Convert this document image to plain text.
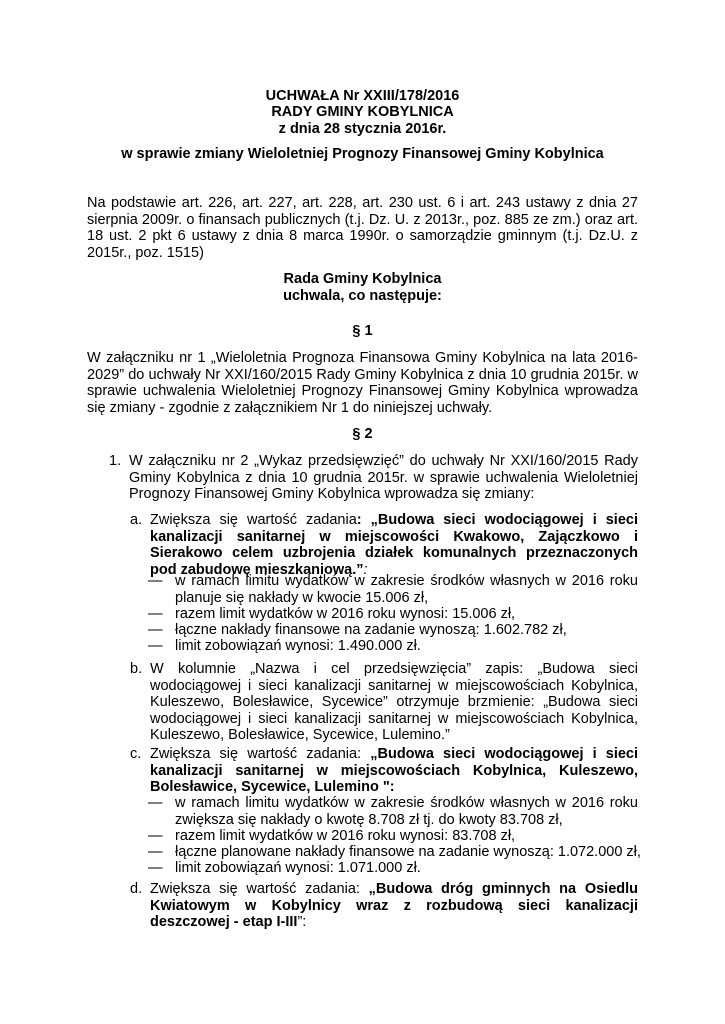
UCHWAŁA Nr XXIII/178/2016
RADY GMINY KOBYLNICA
z dnia 28 stycznia 2016r.
w sprawie zmiany Wieloletniej Prognozy Finansowej Gminy Kobylnica
Na podstawie art. 226, art. 227, art. 228, art. 230 ust. 6 i art. 243 ustawy z dnia 27 sierpnia 2009r. o finansach publicznych (t.j. Dz. U. z 2013r., poz. 885 ze zm.) oraz art. 18 ust. 2 pkt 6 ustawy z dnia 8 marca 1990r. o samorządzie gminnym (t.j. Dz.U. z 2015r., poz. 1515)
Rada Gminy Kobylnica
uchwala, co następuje:
§ 1
W załączniku nr 1 „Wieloletnia Prognoza Finansowa Gminy Kobylnica na lata 2016-2029” do uchwały Nr XXI/160/2015 Rady Gminy Kobylnica z dnia 10 grudnia 2015r. w sprawie uchwalenia Wieloletniej Prognozy Finansowej Gminy Kobylnica wprowadza się zmiany - zgodnie z załącznikiem Nr 1 do niniejszej uchwały.
§ 2
1. W załączniku nr 2 „Wykaz przedsięwzięć” do uchwały Nr XXI/160/2015 Rady Gminy Kobylnica z dnia 10 grudnia 2015r. w sprawie uchwalenia Wieloletniej Prognozy Finansowej Gminy Kobylnica wprowadza się zmiany:
a. Zwiększa się wartość zadania: „Budowa sieci wodociągowej i sieci kanalizacji sanitarnej w miejscowości Kwakowo, Zajączkowo i Sierakowo celem uzbrojenia działek komunalnych przeznaczonych pod zabudowę mieszkaniową.”:
— w ramach limitu wydatków w zakresie środków własnych w 2016 roku planuje się nakłady w kwocie 15.006 zł,
— razem limit wydatków w 2016 roku wynosi: 15.006 zł,
— łączne nakłady finansowe na zadanie wynoszą: 1.602.782 zł,
— limit zobowiązań wynosi: 1.490.000 zł.
b. W kolumnie „Nazwa i cel przedsięwzięcia” zapis: „Budowa sieci wodociągowej i sieci kanalizacji sanitarnej w miejscowościach Kobylnica, Kuleszewo, Bolesławice, Sycewice” otrzymuje brzmienie: „Budowa sieci wodociągowej i sieci kanalizacji sanitarnej w miejscowościach Kobylnica, Kuleszewo, Bolesławice, Sycewice, Lulemino.”
c. Zwiększa się wartość zadania: „Budowa sieci wodociągowej i sieci kanalizacji sanitarnej w miejscowościach Kobylnica, Kuleszewo, Bolesławice, Sycewice, Lulemino ":
— w ramach limitu wydatków w zakresie środków własnych w 2016 roku zwiększa się nakłady o kwotę 8.708 zł tj. do kwoty 83.708 zł,
— razem limit wydatków w 2016 roku wynosi: 83.708 zł,
— łączne planowane nakłady finansowe na zadanie wynoszą: 1.072.000 zł,
— limit zobowiązań wynosi: 1.071.000 zł.
d. Zwiększa się wartość zadania: „Budowa dróg gminnych na Osiedlu Kwiatowym w Kobylnicy wraz z rozbudową sieci kanalizacji deszczowej - etap I-III”:
